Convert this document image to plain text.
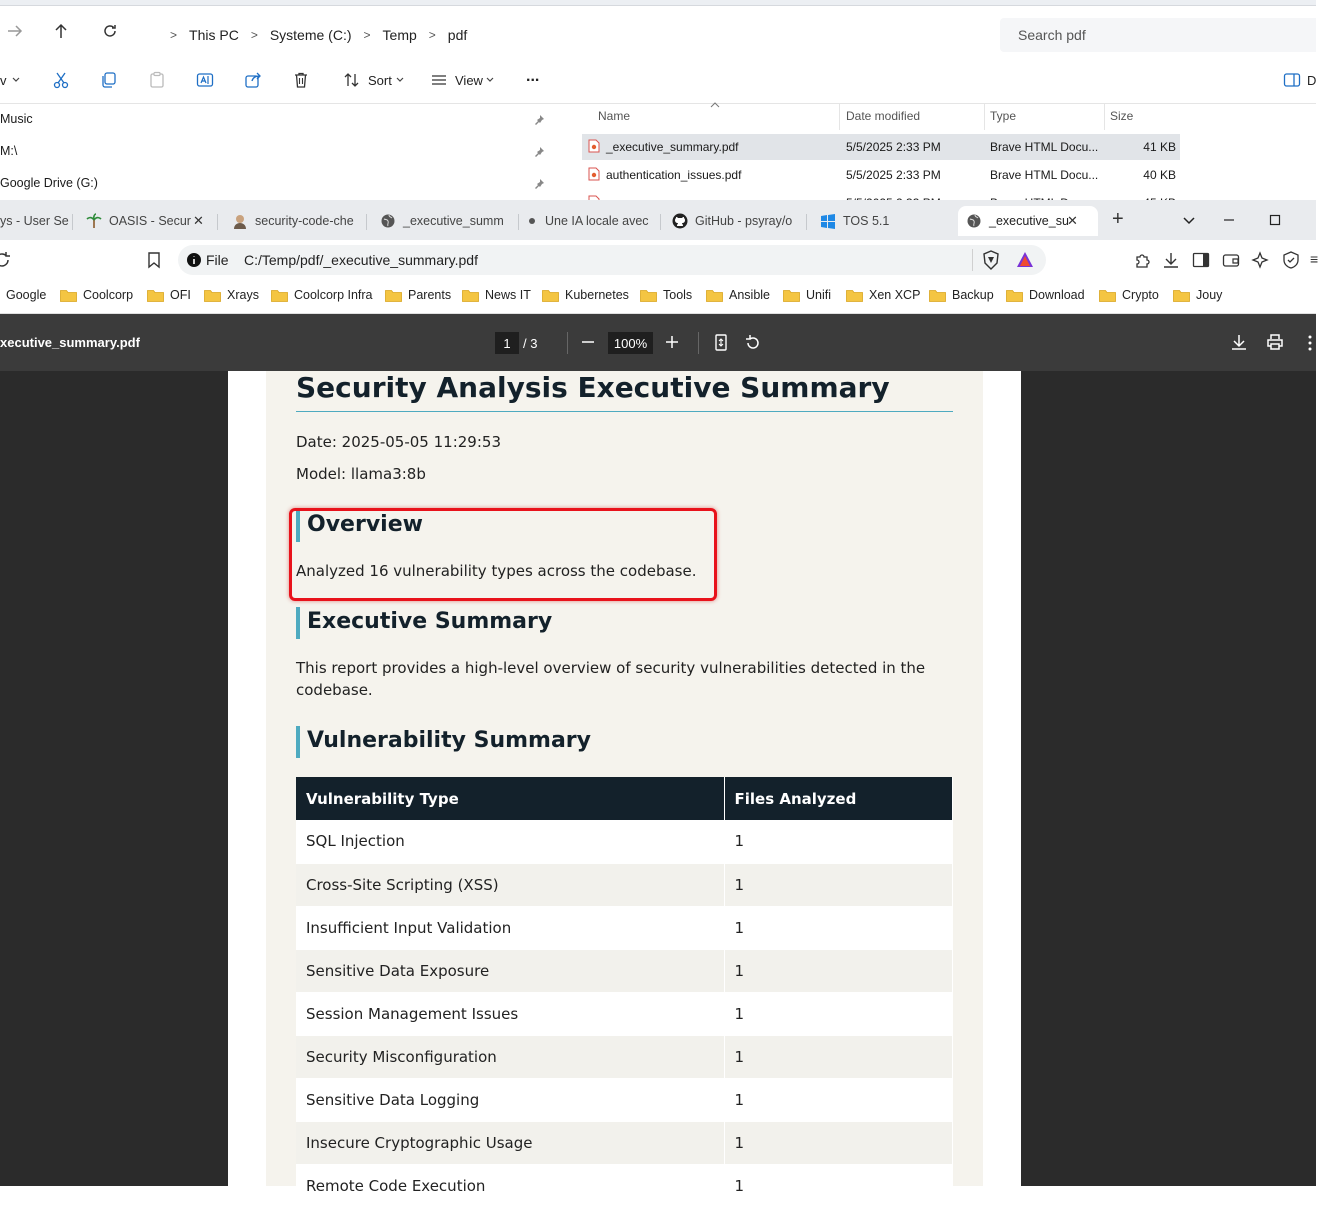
> This PC	> Systeme (C:)	> Temp	> pdf	Search pdf
v	Sort	View	...	D
Music
M:\
Google Drive (G:)
Name	Date modified	Type	Size
_executive_summary.pdf	5/5/2025 2:33 PM	Brave HTML Docu...	41 KB
authentication_issues.pdf	5/5/2025 2:33 PM	Brave HTML Docu...	40 KB
ys - User Se	OASIS - Secur ✕	security-code-che	_executive_summ	Une IA locale avec	GitHub - psyray/o	TOS 5.1	_executive_su
✕ +
File C:/Temp/pdf/_executive_summary.pdf	≡
Google	Coolcorp	OFI	Xrays	Coolcorp Infra	Parents	News IT	Kubernetes	Tools	Ansible	Unifi	Xen XCP	Backup	Download	Crypto	Jouy
xecutive_summary.pdf	1 / 3	100%
Security Analysis Executive Summary
Date: 2025-05-05 11:29:53
Model: llama3:8b
Overview
Analyzed 16 vulnerability types across the codebase.
Executive Summary
This report provides a high-level overview of security vulnerabilities detected in the codebase.
Vulnerability Summary
Vulnerability Type	Files Analyzed
SQL Injection	1
Cross-Site Scripting (XSS)	1
Insufficient Input Validation	1
Sensitive Data Exposure	1
Session Management Issues	1
Security Misconfiguration	1
Sensitive Data Logging	1
Insecure Cryptographic Usage	1
Remote Code Execution	1
